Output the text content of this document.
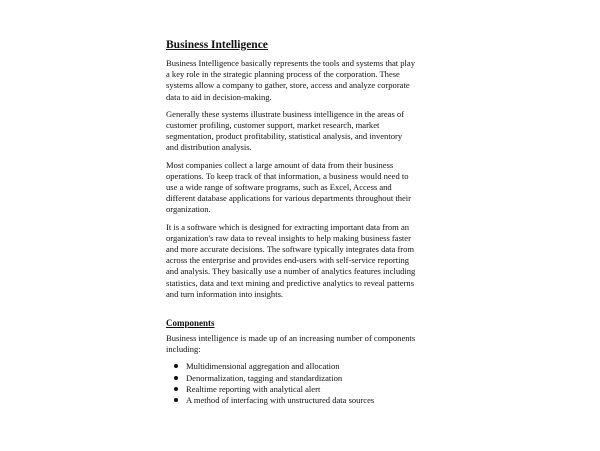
Business Intelligence
Business Intelligence basically represents the tools and systems that play
a key role in the strategic planning process of the corporation. These
systems allow a company to gather, store, access and analyze corporate
data to aid in decision-making.
Generally these systems illustrate business intelligence in the areas of
customer profiling, customer support, market research, market
segmentation, product profitability, statistical analysis, and inventory
and distribution analysis.
Most companies collect a large amount of data from their business
operations. To keep track of that information, a business would need to
use a wide range of software programs, such as Excel, Access and
different database applications for various departments throughout their
organization.
It is a software which is designed for extracting important data from an
organization's raw data to reveal insights to help making business faster
and more accurate decisions. The software typically integrates data from
across the enterprise and provides end-users with self-service reporting
and analysis. They basically use a number of analytics features including
statistics, data and text mining and predictive analytics to reveal patterns
and turn information into insights.
Components
Business intelligence is made up of an increasing number of components
including:
Multidimensional aggregation and allocation
Denormalization, tagging and standardization
Realtime reporting with analytical alert
A method of interfacing with unstructured data sources
